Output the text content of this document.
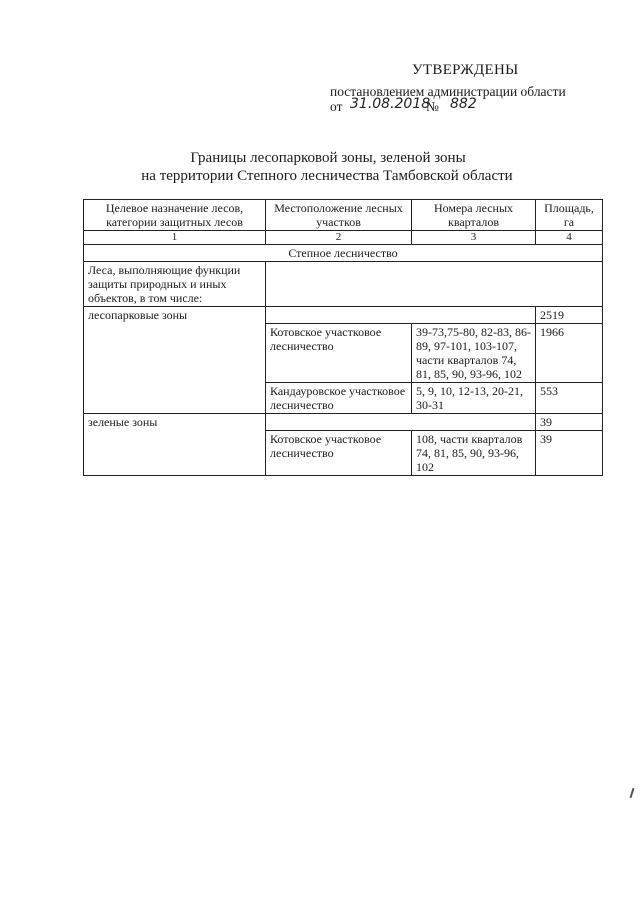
УТВЕРЖДЕНЫ
постановлением администрации области
от 31.08.2018
№ 882
Границы лесопарковой зоны, зеленой зоны
на территории Степного лесничества Тамбовской области
Целевое назначение лесов, категории защитных лесов	Местоположение лесных участков	Номера лесных кварталов	Площадь, га
1	2	3	4
Степное лесничество			
Леса, выполняющие функции защиты природных и иных объектов, в том числе:			
лесопарковые зоны			2519
	Котовское участковое лесничество	39-73,75-80, 82-83, 86-89, 97-101, 103-107, части кварталов 74, 81, 85, 90, 93-96, 102	1966
	Кандауровское участковое лесничество	5, 9, 10, 12-13, 20-21, 30-31	553
зеленые зоны			39
	Котовское участковое лесничество	108, части кварталов 74, 81, 85, 90, 93-96, 102	39
